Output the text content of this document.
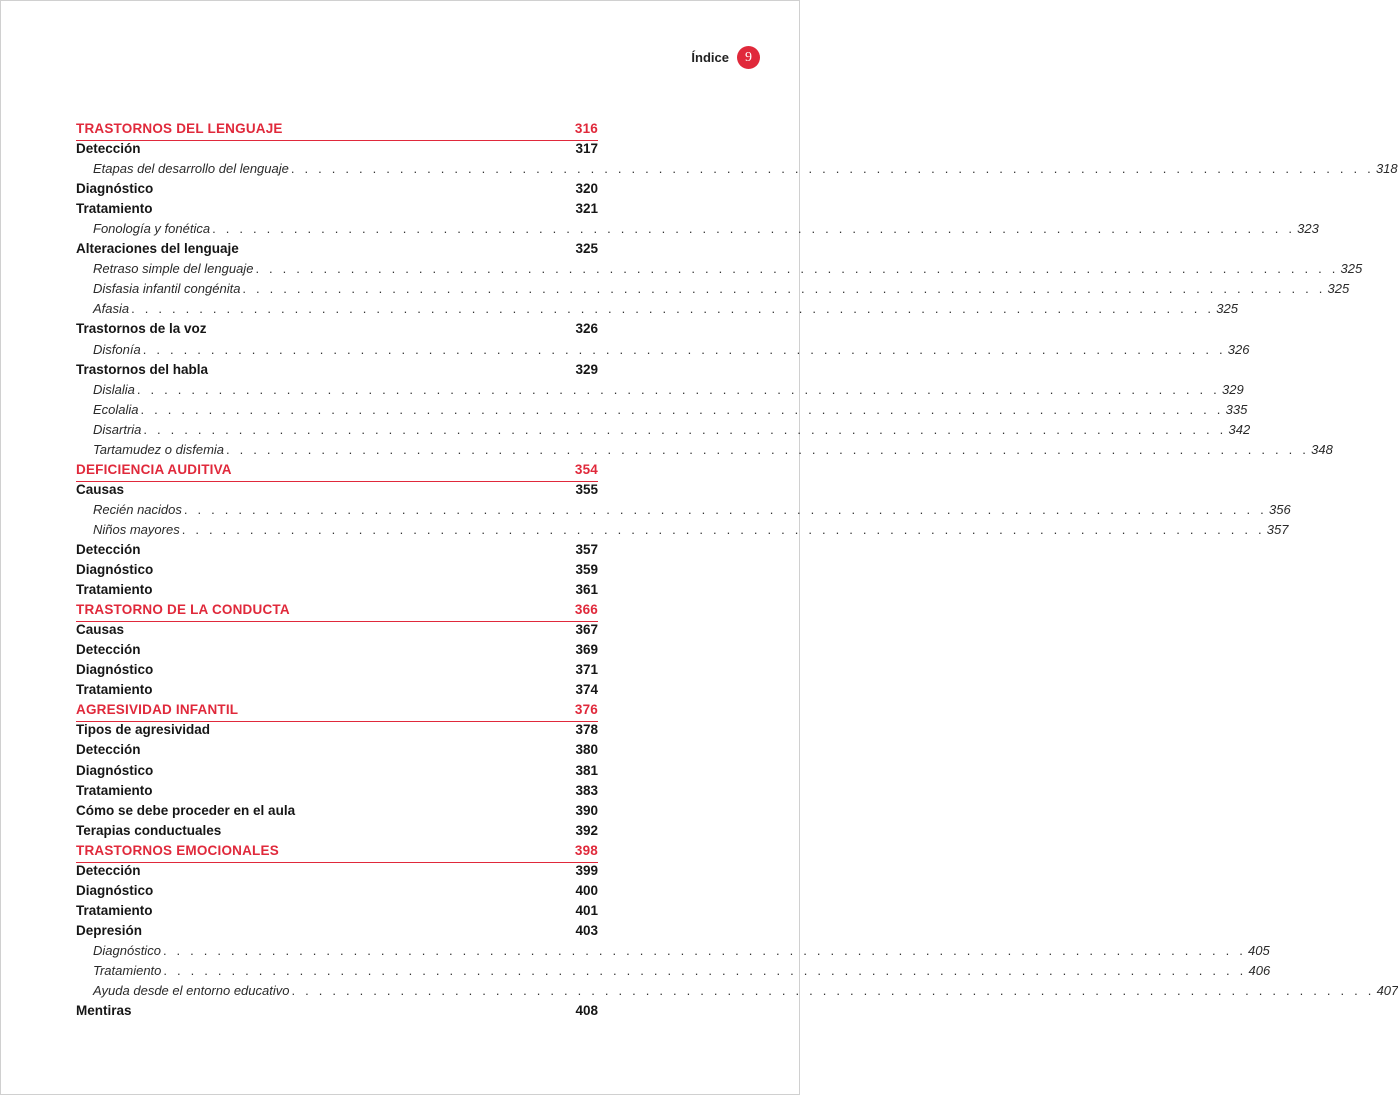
Índice	9
TRASTORNOS DEL LENGUAJE	316
Detección	317
Etapas del desarrollo del lenguaje . . . . . . . . . . . . . . . . . . . . . . . . . . . . . . . . . . . . . . . . . . . . . . . . . . . . . . . . . . . . . . . . . . . . . . . . . . . . . . . . 318
Diagnóstico	320
Tratamiento	321
Fonología y fonética . . . . . . . . . . . . . . . . . . . . . . . . . . . . . . . . . . . . . . . . . . . . . . . . . . . . . . . . . . . . . . . . . . . . . . . . . . . . . . . . 323
Alteraciones del lenguaje	325
Retraso simple del lenguaje . . . . . . . . . . . . . . . . . . . . . . . . . . . . . . . . . . . . . . . . . . . . . . . . . . . . . . . . . . . . . . . . . . . . . . . . . . . . . . . . 325
Disfasia infantil congénita . . . . . . . . . . . . . . . . . . . . . . . . . . . . . . . . . . . . . . . . . . . . . . . . . . . . . . . . . . . . . . . . . . . . . . . . . . . . . . . . 325
Afasia . . . . . . . . . . . . . . . . . . . . . . . . . . . . . . . . . . . . . . . . . . . . . . . . . . . . . . . . . . . . . . . . . . . . . . . . . . . . . . . . 325
Trastornos de la voz	326
Disfonía . . . . . . . . . . . . . . . . . . . . . . . . . . . . . . . . . . . . . . . . . . . . . . . . . . . . . . . . . . . . . . . . . . . . . . . . . . . . . . . . 326
Trastornos del habla	329
Dislalia . . . . . . . . . . . . . . . . . . . . . . . . . . . . . . . . . . . . . . . . . . . . . . . . . . . . . . . . . . . . . . . . . . . . . . . . . . . . . . . . 329
Ecolalia . . . . . . . . . . . . . . . . . . . . . . . . . . . . . . . . . . . . . . . . . . . . . . . . . . . . . . . . . . . . . . . . . . . . . . . . . . . . . . . . 335
Disartria . . . . . . . . . . . . . . . . . . . . . . . . . . . . . . . . . . . . . . . . . . . . . . . . . . . . . . . . . . . . . . . . . . . . . . . . . . . . . . . . 342
Tartamudez o disfemia . . . . . . . . . . . . . . . . . . . . . . . . . . . . . . . . . . . . . . . . . . . . . . . . . . . . . . . . . . . . . . . . . . . . . . . . . . . . . . . . 348
DEFICIENCIA AUDITIVA	354
Causas	355
Recién nacidos . . . . . . . . . . . . . . . . . . . . . . . . . . . . . . . . . . . . . . . . . . . . . . . . . . . . . . . . . . . . . . . . . . . . . . . . . . . . . . . . 356
Niños mayores . . . . . . . . . . . . . . . . . . . . . . . . . . . . . . . . . . . . . . . . . . . . . . . . . . . . . . . . . . . . . . . . . . . . . . . . . . . . . . . . 357
Detección	357
Diagnóstico	359
Tratamiento	361
TRASTORNO DE LA CONDUCTA	366
Causas	367
Detección	369
Diagnóstico	371
Tratamiento	374
AGRESIVIDAD INFANTIL	376
Tipos de agresividad	378
Detección	380
Diagnóstico	381
Tratamiento	383
Cómo se debe proceder en el aula	390
Terapias conductuales	392
TRASTORNOS EMOCIONALES	398
Detección	399
Diagnóstico	400
Tratamiento	401
Depresión	403
Diagnóstico . . . . . . . . . . . . . . . . . . . . . . . . . . . . . . . . . . . . . . . . . . . . . . . . . . . . . . . . . . . . . . . . . . . . . . . . . . . . . . . . 405
Tratamiento . . . . . . . . . . . . . . . . . . . . . . . . . . . . . . . . . . . . . . . . . . . . . . . . . . . . . . . . . . . . . . . . . . . . . . . . . . . . . . . . 406
Ayuda desde el entorno educativo . . . . . . . . . . . . . . . . . . . . . . . . . . . . . . . . . . . . . . . . . . . . . . . . . . . . . . . . . . . . . . . . . . . . . . . . . . . . . . . . 407
Mentiras	408
